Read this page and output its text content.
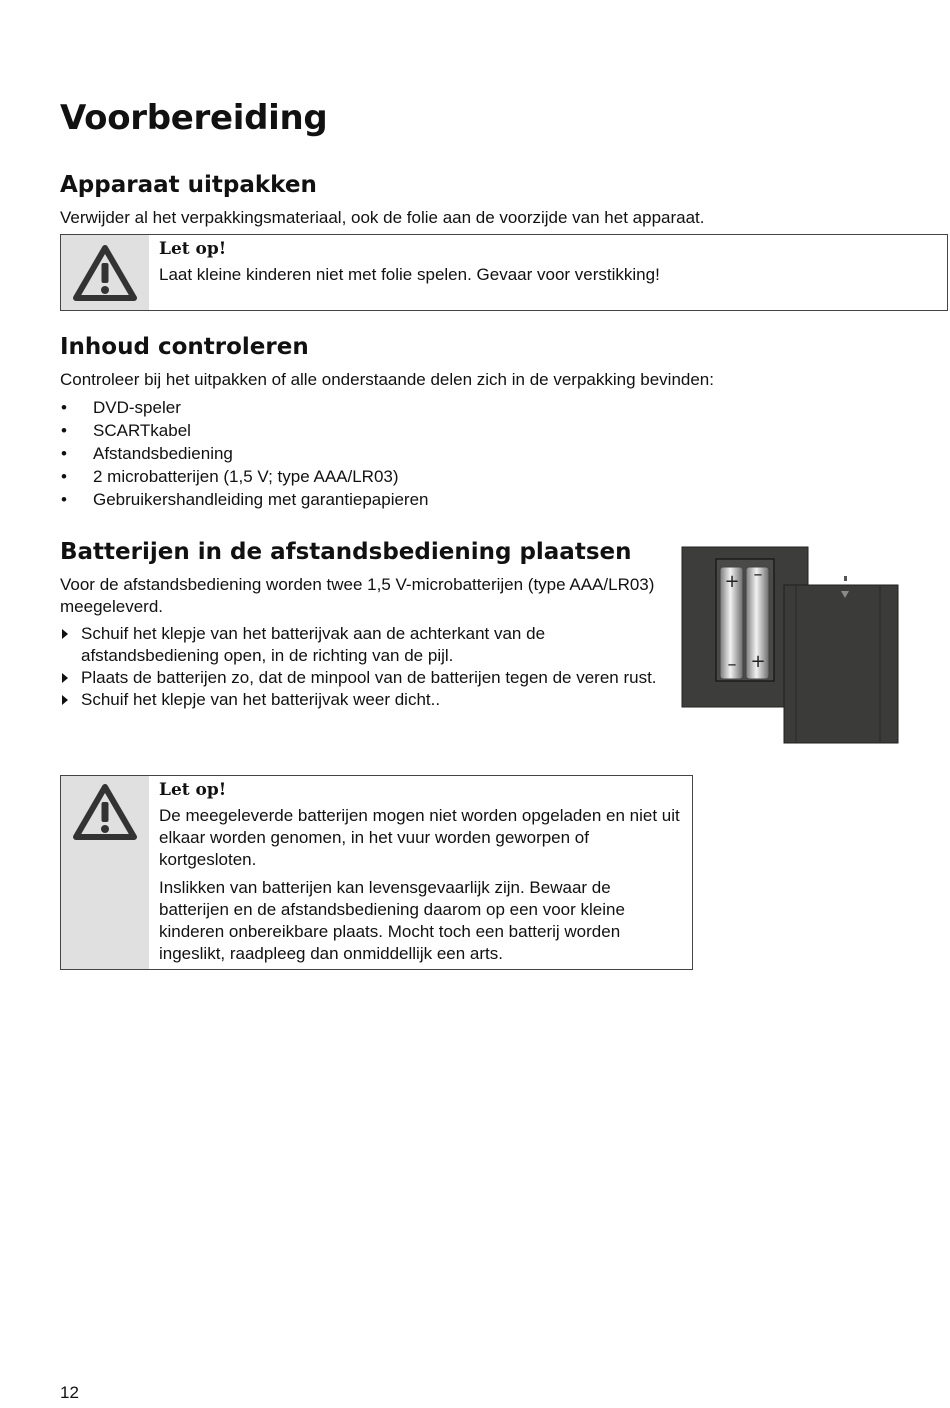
Voorbereiding
Apparaat uitpakken

Verwijder al het verpakkingsmateriaal, ook de folie aan de voorzijde van het apparaat.

Let op!
Laat kleine kinderen niet met folie spelen. Gevaar voor verstikking!
Inhoud controleren

Controleer bij het uitpakken of alle onderstaande delen zich in de verpakking bevinden:

• DVD-speler
• SCARTkabel
• Afstandsbediening
• 2 microbatterijen (1,5 V; type AAA/LR03)
• Gebruikershandleiding met garantiepapieren
Batterijen in de afstandsbediening plaatsen

Voor de afstandsbediening worden twee 1,5 V-microbatterijen (type AAA/LR03) meegeleverd.

Schuif het klepje van het batterijvak aan de achterkant van de afstandsbediening open, in de richting van de pijl.
Plaats de batterijen zo, dat de minpool van de batterijen tegen de veren rust.
Schuif het klepje van het batterijvak weer dicht..
+ –
– +
Let op!
De meegeleverde batterijen mogen niet worden opgeladen en niet uit elkaar worden genomen, in het vuur worden geworpen of kortgesloten.
Inslikken van batterijen kan levensgevaarlijk zijn. Bewaar de batterijen en de afstandsbediening daarom op een voor kleine kinderen onbereikbare plaats. Mocht toch een batterij worden ingeslikt, raadpleeg dan onmiddellijk een arts.
12
